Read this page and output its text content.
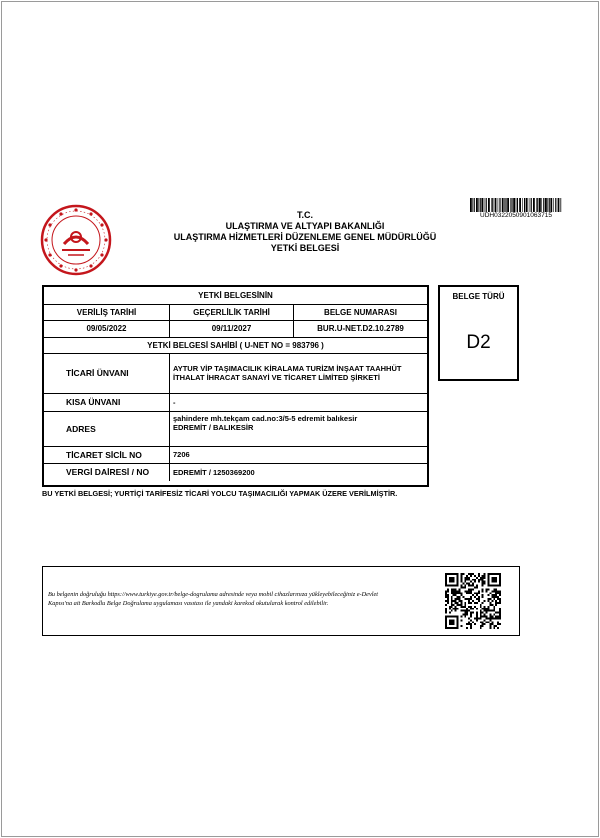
T.C.
ULAŞTIRMA VE ALTYAPI BAKANLIĞI
ULAŞTIRMA HİZMETLERİ DÜZENLEME GENEL MÜDÜRLÜĞÜ
YETKİ BELGESİ
UDH0322050901063715
YETKİ BELGESİNİN
VERİLİŞ TARİHİ	GEÇERLİLİK TARİHİ	BELGE NUMARASI
09/05/2022	09/11/2027	BUR.U-NET.D2.10.2789
YETKİ BELGESİ SAHİBİ ( U-NET NO = 983796 )
TİCARİ ÜNVANI	AYTUR VİP TAŞIMACILIK KİRALAMA TURİZM İNŞAAT TAAHHÜT
İTHALAT İHRACAT SANAYİ VE TİCARET LİMİTED ŞİRKETİ
KISA ÜNVANI	-
ADRES
şahindere mh.tekçam cad.no:3/5-5 edremit balıkesir
EDREMİT / BALIKESİR
TİCARET SİCİL NO	7206
VERGİ DAİRESİ / NO	EDREMİT / 1250369200
BELGE TÜRÜ
D2
BU YETKİ BELGESİ; YURTİÇİ TARİFESİZ TİCARİ YOLCU TAŞIMACILIĞI YAPMAK ÜZERE VERİLMİŞTİR.
Bu belgenin doğruluğu https://www.turkiye.gov.tr/belge-dogrulama adresinde veya mobil cihazlarınıza yükleyebileceğiniz e-Devlet
Kapısı'na ait Barkodlu Belge Doğrulama uygulaması vasıtası ile yandaki karekod okutularak kontrol edilebilir.
